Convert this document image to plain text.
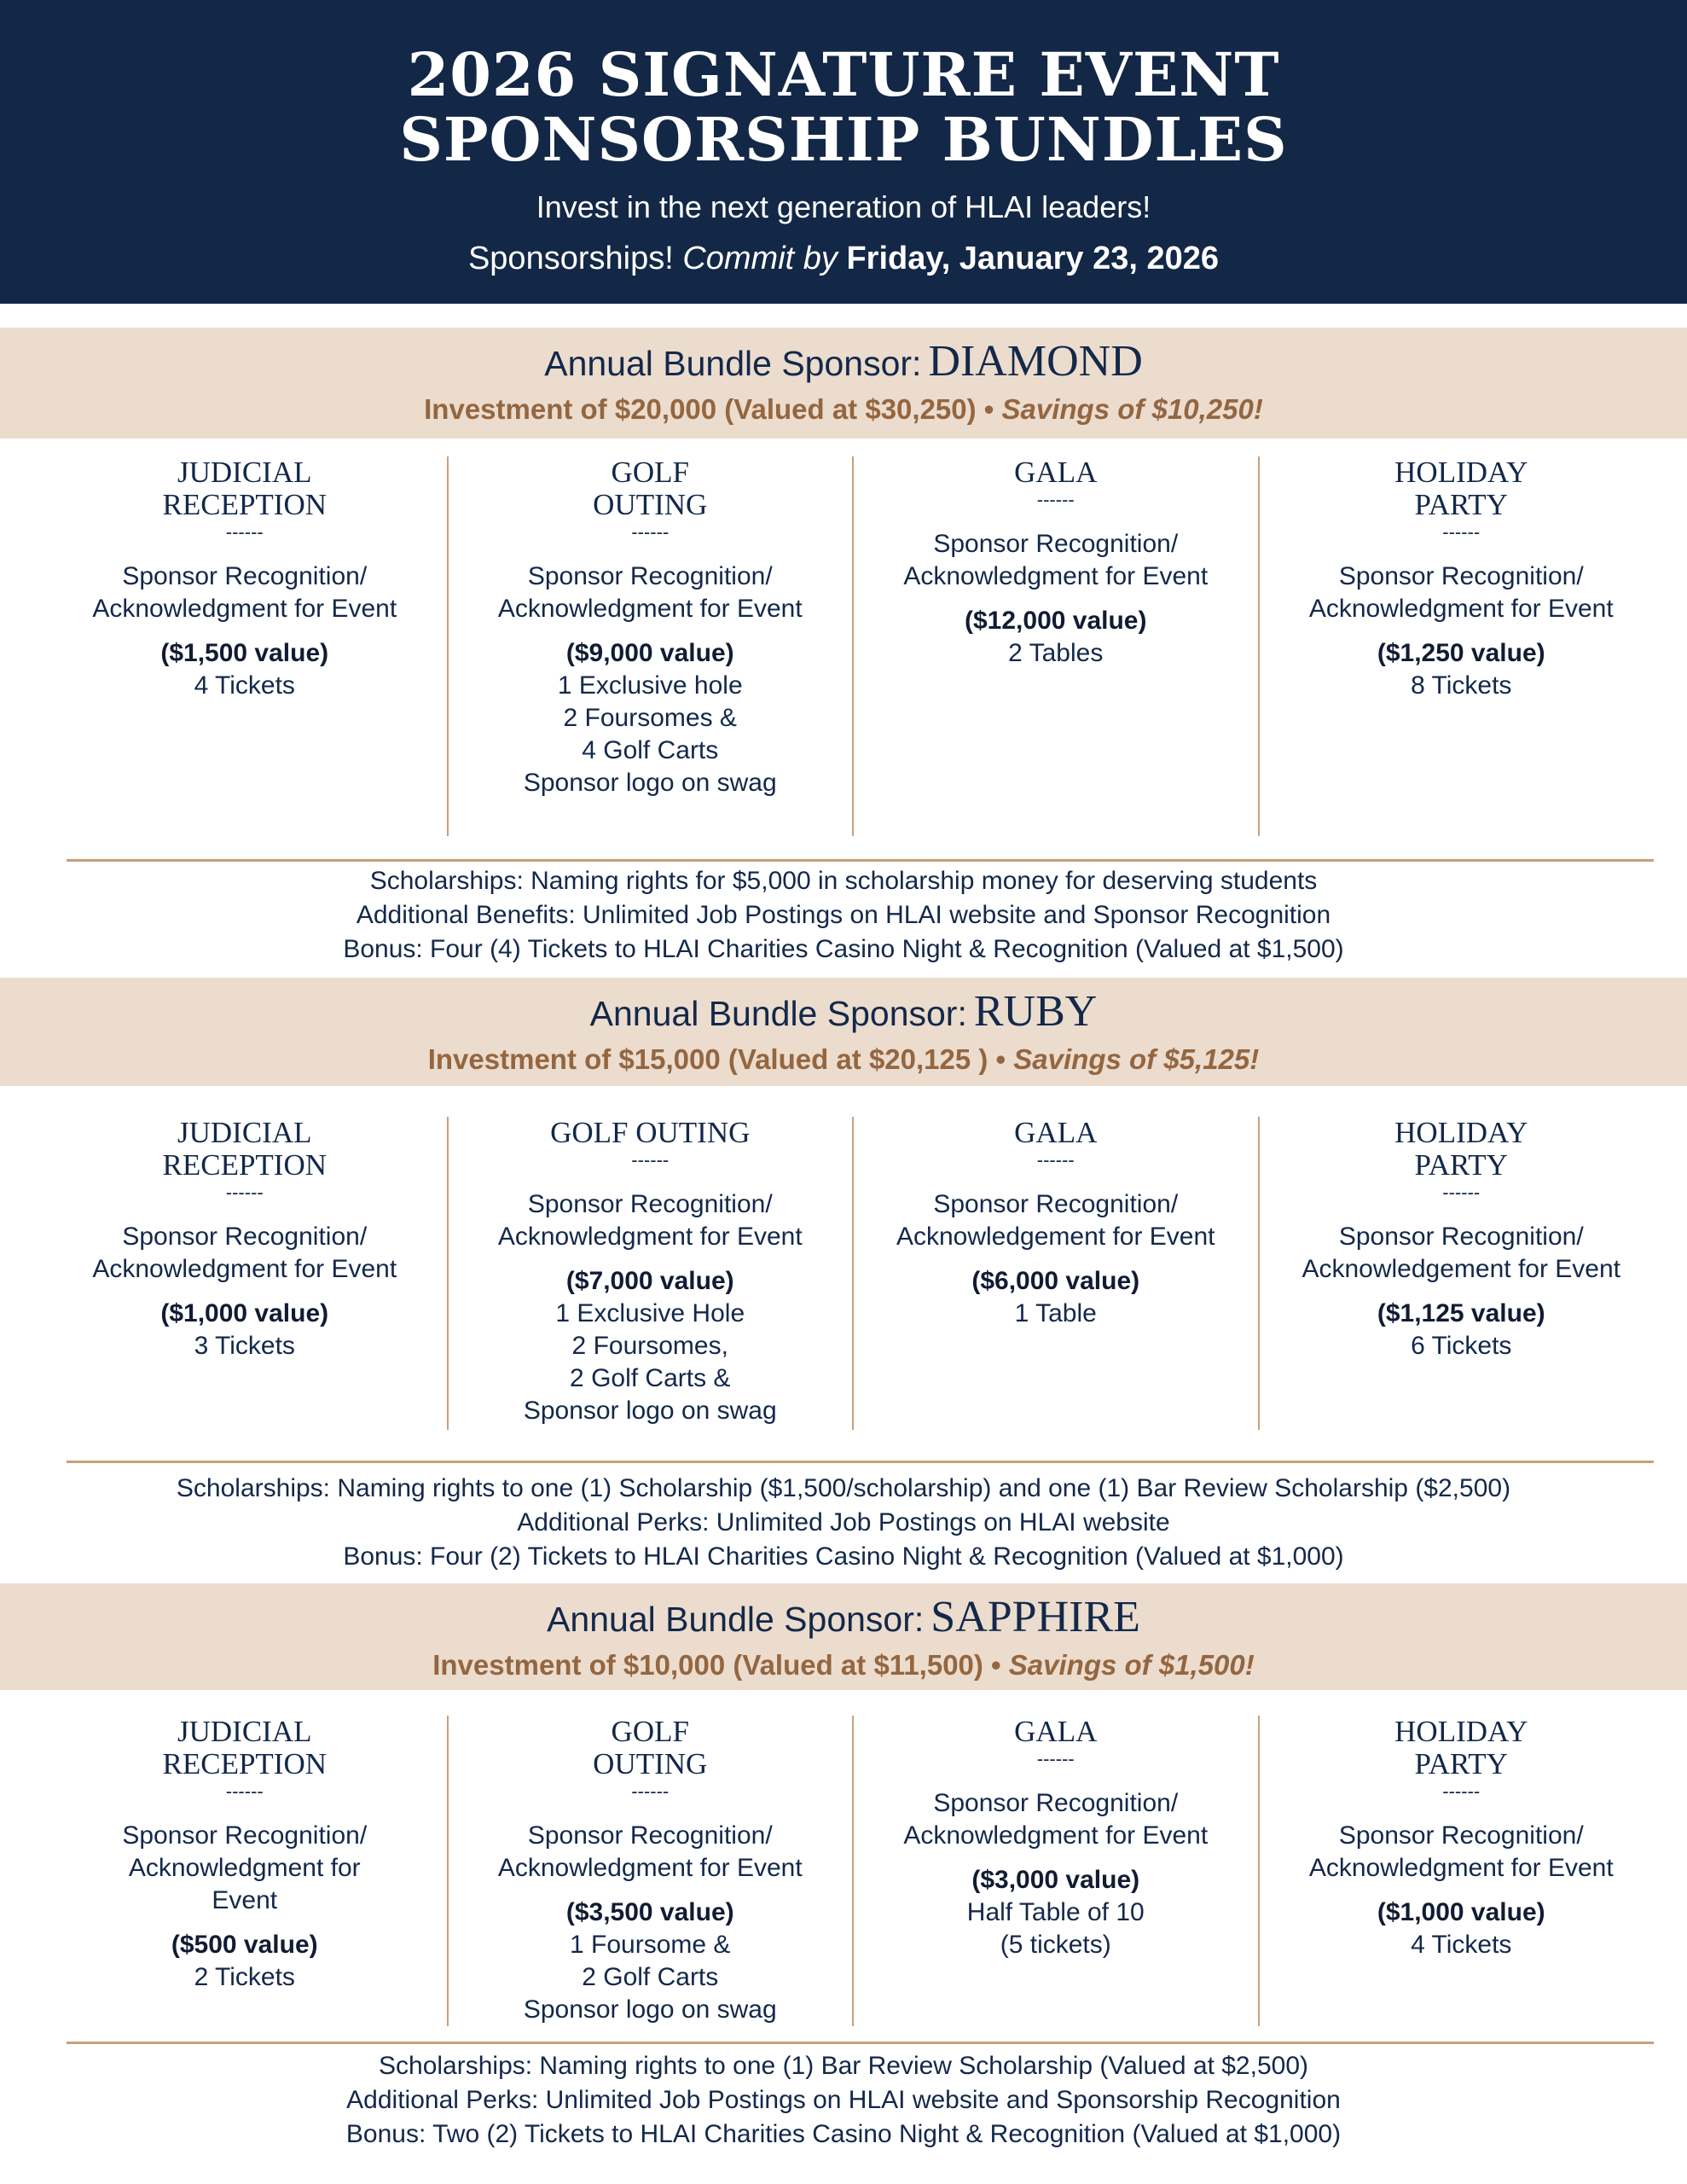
2026 SIGNATURE EVENT
SPONSORSHIP BUNDLES
Invest in the next generation of HLAI leaders!
Sponsorships! Commit by Friday, January 23, 2026
Annual Bundle Sponsor: DIAMOND
Investment of $20,000 (Valued at $30,250) • Savings of $10,250!
JUDICIAL
RECEPTION
------
Sponsor Recognition/
Acknowledgment for Event
($1,500 value)
4 Tickets
GOLF
OUTING
------
Sponsor Recognition/
Acknowledgment for Event
($9,000 value)
1 Exclusive hole
2 Foursomes &
4 Golf Carts
Sponsor logo on swag
GALA
------
Sponsor Recognition/
Acknowledgment for Event
($12,000 value)
2 Tables
HOLIDAY
PARTY
------
Sponsor Recognition/
Acknowledgment for Event
($1,250 value)
8 Tickets
Scholarships: Naming rights for $5,000 in scholarship money for deserving students
Additional Benefits: Unlimited Job Postings on HLAI website and Sponsor Recognition
Bonus: Four (4) Tickets to HLAI Charities Casino Night & Recognition (Valued at $1,500)
Annual Bundle Sponsor: RUBY
Investment of $15,000 (Valued at $20,125 ) • Savings of $5,125!
JUDICIAL
RECEPTION
------
Sponsor Recognition/
Acknowledgment for Event
($1,000 value)
3 Tickets
GOLF OUTING
------
Sponsor Recognition/
Acknowledgment for Event
($7,000 value)
1 Exclusive Hole
2 Foursomes,
2 Golf Carts &
Sponsor logo on swag
GALA
------
Sponsor Recognition/
Acknowledgement for Event
($6,000 value)
1 Table
HOLIDAY
PARTY
------
Sponsor Recognition/
Acknowledgement for Event
($1,125 value)
6 Tickets
Scholarships: Naming rights to one (1) Scholarship ($1,500/scholarship) and one (1) Bar Review Scholarship ($2,500)
Additional Perks: Unlimited Job Postings on HLAI website
Bonus: Four (2) Tickets to HLAI Charities Casino Night & Recognition (Valued at $1,000)
Annual Bundle Sponsor: SAPPHIRE
Investment of $10,000 (Valued at $11,500) • Savings of $1,500!
JUDICIAL
RECEPTION
------
Sponsor Recognition/
Acknowledgment for
Event
($500 value)
2 Tickets
GOLF
OUTING
------
Sponsor Recognition/
Acknowledgment for Event
($3,500 value)
1 Foursome &
2 Golf Carts
Sponsor logo on swag
GALA
------
Sponsor Recognition/
Acknowledgment for Event
($3,000 value)
Half Table of 10
(5 tickets)
HOLIDAY
PARTY
------
Sponsor Recognition/
Acknowledgment for Event
($1,000 value)
4 Tickets
Scholarships: Naming rights to one (1) Bar Review Scholarship (Valued at $2,500)
Additional Perks: Unlimited Job Postings on HLAI website and Sponsorship Recognition
Bonus: Two (2) Tickets to HLAI Charities Casino Night & Recognition (Valued at $1,000)
